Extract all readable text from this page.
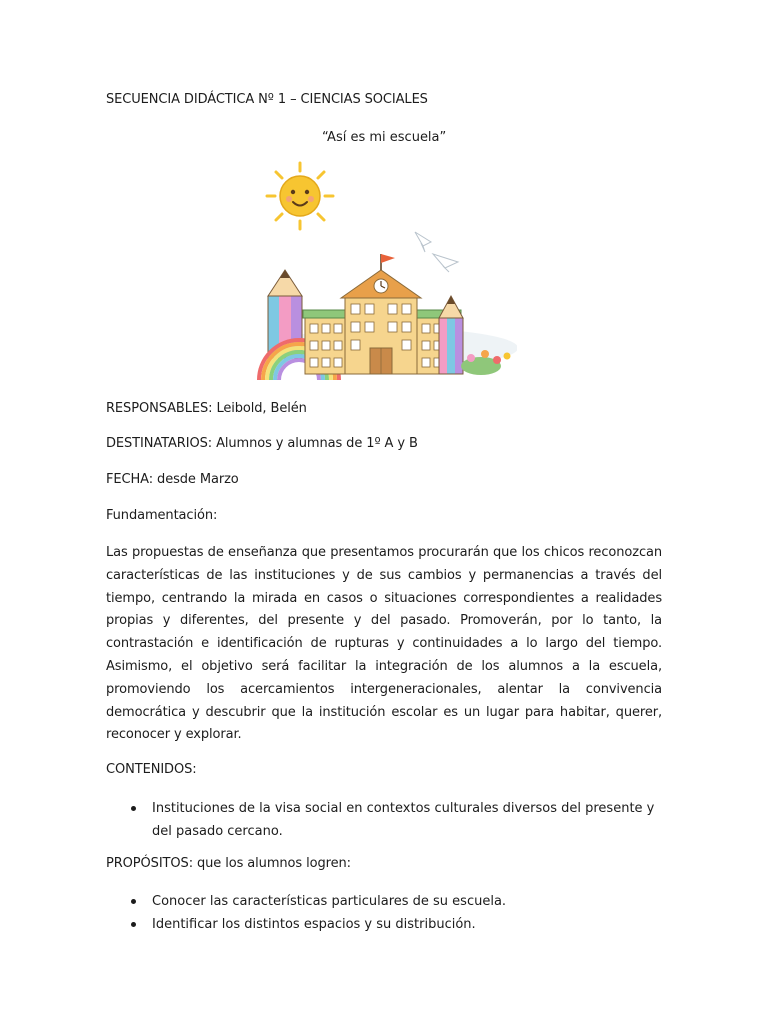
SECUENCIA DIDÁCTICA Nº 1 – CIENCIAS SOCIALES
“Así es mi escuela”
RESPONSABLES: Leibold, Belén
DESTINATARIOS: Alumnos y alumnas de 1º A y B
FECHA: desde Marzo
Fundamentación:

Las propuestas de enseñanza que presentamos procurarán que los chicos reconozcan características de las instituciones y de sus cambios y permanencias a través del tiempo, centrando la mirada en casos o situaciones correspondientes a realidades propias y diferentes, del presente y del pasado. Promoverán, por lo tanto, la contrastación e identificación de rupturas y continuidades a lo largo del tiempo. Asimismo, el objetivo será facilitar la integración de los alumnos a la escuela, promoviendo los acercamientos intergeneracionales, alentar la convivencia democrática y descubrir que la institución escolar es un lugar para habitar, querer, reconocer y explorar.

CONTENIDOS:
Instituciones de la visa social en contextos culturales diversos del presente y del pasado cercano.
PROPÓSITOS: que los alumnos logren:
Conocer las características particulares de su escuela.
Identificar los distintos espacios y su distribución.
